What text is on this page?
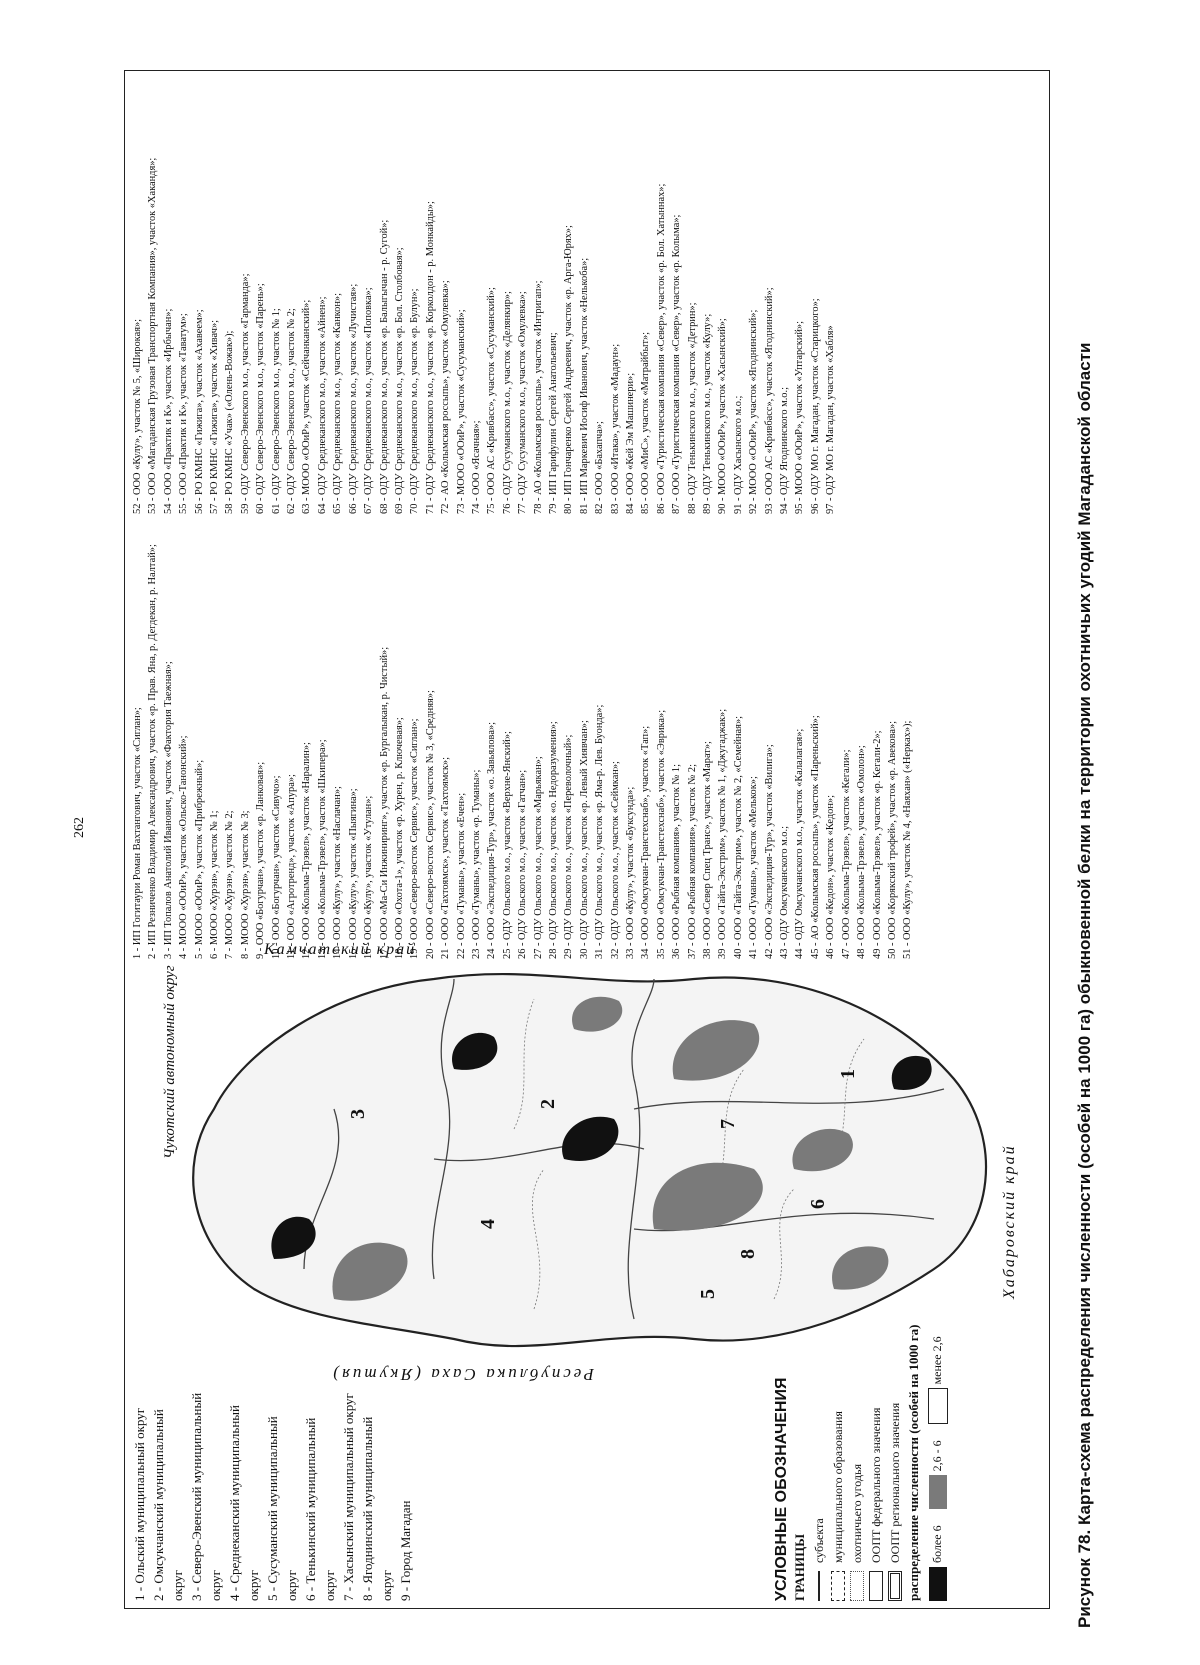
262
1 - Ольский муниципальный округ 2 - Омсукчанский муниципальный округ 3 - Северо-Эвенский муниципальный округ 4 - Среднеканский муниципальный округ 5 - Сусуманский муниципальный округ 6 - Тенькинский муниципальный округ 7 - Хасынский муниципальный округ 8 - Ягоднинский муниципальный округ 9 - Город Магадан
1
2
3
4
5
6
7
8
Республика Саха (Якутия)
Чукотский автономный округ
Камчатский край
Хабаровский край
УСЛОВНЫЕ ОБОЗНАЧЕНИЯ ГРАНИЦЫ субъекта муниципального образования охотничьего угодья ООПТ федерального значения ООПТ регионального значения распределение численности (особей на 1000 га) более 6
2,6 - 6
менее 2,6
1 - ИП Гогитаури Роман Вахтангович, участок «Сиглан»; 2 - ИП Резниченко Владимир Александрович, участок «р. Прав. Яна, р. Дегдекан, р. Налтай»; 3 - ИП Топалов Анатолий Иванович, участок «Фактория Таежная»; 4 - МООО «ООиР», участок «Ольско-Танонский»; 5 - МООО «ООиР», участок «Прибрежный»; 6 - МООО «Хурэн», участок № 1; 7 - МООО «Хурэн», участок № 2; 8 - МООО «Хурэн», участок № 3; 9 - ООО «Богурчан», участок «р. Ланковая»; 10 - ООО «Богурчан», участок «Сивучо»; 11 - ООО «Агротренд», участок «Апура»; 12 - ООО «Колыма-Трэвел», участок «Наралин»; 13 - ООО «Колыма-Трэвел», участок «Шкипера»; 14 - ООО «Кулу», участок «Наслачан»; 15 - ООО «Кулу», участок «Пыягина»; 16 - ООО «Кулу», участок «Утулан»; 17 - ООО «Ма-Си Инжиниринг», участок «р. Бургалыкан, р. Чистый»; 18 - ООО «Охота-1», участок «р. Хурен, р. Ключевая»; 19 - ООО «Северо-восток Сервис», участок «Сиглан»; 20 - ООО «Северо-восток Сервис», участок № 3, «Средняя»; 21 - ООО «Тахтоямск», участок «Тахтоямск»; 22 - ООО «Туманы», участок «Ечен»; 23 - ООО «Туманы», участок «р. Туманы»; 24 - ООО «Экспедиция-Тур», участок «о. Завьялова»; 25 - ОДУ Ольского м.о., участок «Верхне-Янский»; 26 - ОДУ Ольского м.о., участок «Гатчан»; 27 - ОДУ Ольского м.о., участок «Марьякан»; 28 - ОДУ Ольского м.о., участок «о. Недоразумения»; 29 - ОДУ Ольского м.о., участок «Переволочный»; 30 - ОДУ Ольского м.о., участок «р. Левый Хиявчан»; 31 - ОДУ Ольского м.о., участок «р. Яма-р. Лев. Буонда»; 32 - ОДУ Ольского м.о., участок «Сеймкан»; 33 - ООО «Кулу», участок «Буксунда»; 34 - ООО «Омсукчан-Транстехснаб», участок «Тап»; 35 - ООО «Омсукчан-Транстехснаб», участок «Эврика»; 36 - ООО «Рыбная компания», участок № 1; 37 - ООО «Рыбная компания», участок № 2; 38 - ООО «Север Спец Транс», участок «Марат»; 39 - ООО «Тайга-Экстрим», участок № 1, «Джугаджак»; 40 - ООО «Тайга-Экстрим», участок № 2, «Семейная»; 41 - ООО «Туманы», участок «Мелькок»; 42 - ООО «Экспедиция-Тур», участок «Вилига»; 43 - ОДУ Омсукчанского м.о.; 44 - ОДУ Омсукчанского м.о., участок «Калалагая»; 45 - АО «Колымская россыпь», участок «Пареньский»; 46 - ООО «Кедон», участок «Кедон»; 47 - ООО «Колыма-Трэвел», участок «Кегали»; 48 - ООО «Колыма-Трэвел», участок «Омолон»; 49 - ООО «Колыма-Трэвел», участок «р. Кегали-2»; 50 - ООО «Корякский трофей», участок «р. Авекова»; 51 - ООО «Кулу», участок № 4, «Наяхан» («Нерках»);
52 - ООО «Кулу», участок № 5, «Широкая»; 53 - ООО «Магаданская Грузовая Транспортная Компания», участок «Хакандя»; 54 - ООО «Практик и К», участок «Ирбычан»; 55 - ООО «Практик и К», участок «Таватум»; 56 - РО КМНС «Гижига», участок «Ахавеем»; 57 - РО КМНС «Гижига», участок «Хивач»; 58 - РО КМНС «Учак» («Олень-Вожак»); 59 - ОДУ Северо-Эвенского м.о., участок «Гарманда»; 60 - ОДУ Северо-Эвенского м.о., участок «Парень»; 61 - ОДУ Северо-Эвенского м.о., участок № 1; 62 - ОДУ Северо-Эвенского м.о., участок № 2; 63 - МООО «ООиР», участок «Сейчанканский»; 64 - ОДУ Среднеканского м.о., участок «Айнен»; 65 - ОДУ Среднеканского м.о., участок «Канкон»; 66 - ОДУ Среднеканского м.о., участок «Лучистая»; 67 - ОДУ Среднеканского м.о., участок «Поповка»; 68 - ОДУ Среднеканского м.о., участок «р. Балыгычан - р. Сугой»; 69 - ОДУ Среднеканского м.о., участок «р. Бол. Столбовая»; 70 - ОДУ Среднеканского м.о., участок «р. Булун»; 71 - ОДУ Среднеканского м.о., участок «р. Корколдон - р. Монкайды»; 72 - АО «Колымская россыпь», участок «Омулевка»; 73 - МООО «ООиР», участок «Сусуманский»; 74 - ООО «Ясачная»; 75 - ООО АС «Кривбасс», участок «Сусуманский»; 76 - ОДУ Сусуманского м.о., участок «Делянкир»; 77 - ОДУ Сусуманского м.о., участок «Омулевка»; 78 - АО «Колымская россыпь», участок «Интригап»; 79 - ИП Гарифулин Сергей Анатольевич; 80 - ИП Гончаренко Сергей Андреевич, участок «р. Арга-Юрях»; 81 - ИП Маркевич Иосиф Иванович, участок «Нелькоба»; 82 - ООО «Бахапча»; 83 - ООО «Итака», участок «Мадаун»; 84 - ООО «Кей Эм Машинери»; 85 - ООО «МиС», участок «Матрайбыт»; 86 - ООО «Туристическая компания «Север», участок «р. Бол. Хатыннах»; 87 - ООО «Туристическая компания «Север», участок «р. Колыма»; 88 - ОДУ Тенькинского м.о., участок «Детрин»; 89 - ОДУ Тенькинского м.о., участок «Кулу»; 90 - МООО «ООиР», участок «Хасынский»; 91 - ОДУ Хасынского м.о.; 92 - МООО «ООиР», участок «Ягоднинский»; 93 - ООО АС «Кривбасс», участок «Ягоднинский»; 94 - ОДУ Ягоднинского м.о.; 95 - МООО «ООиР», участок «Уптарский»; 96 - ОДУ МО г. Магадан, участок «Старицкого»; 97 - ОДУ МО г. Магадан, участок «Хабля»	Рисунок 78. Карта-схема распределения численности (особей на 1000 га) обыкновенной белки на территории охотничьих угодий Магаданской области
